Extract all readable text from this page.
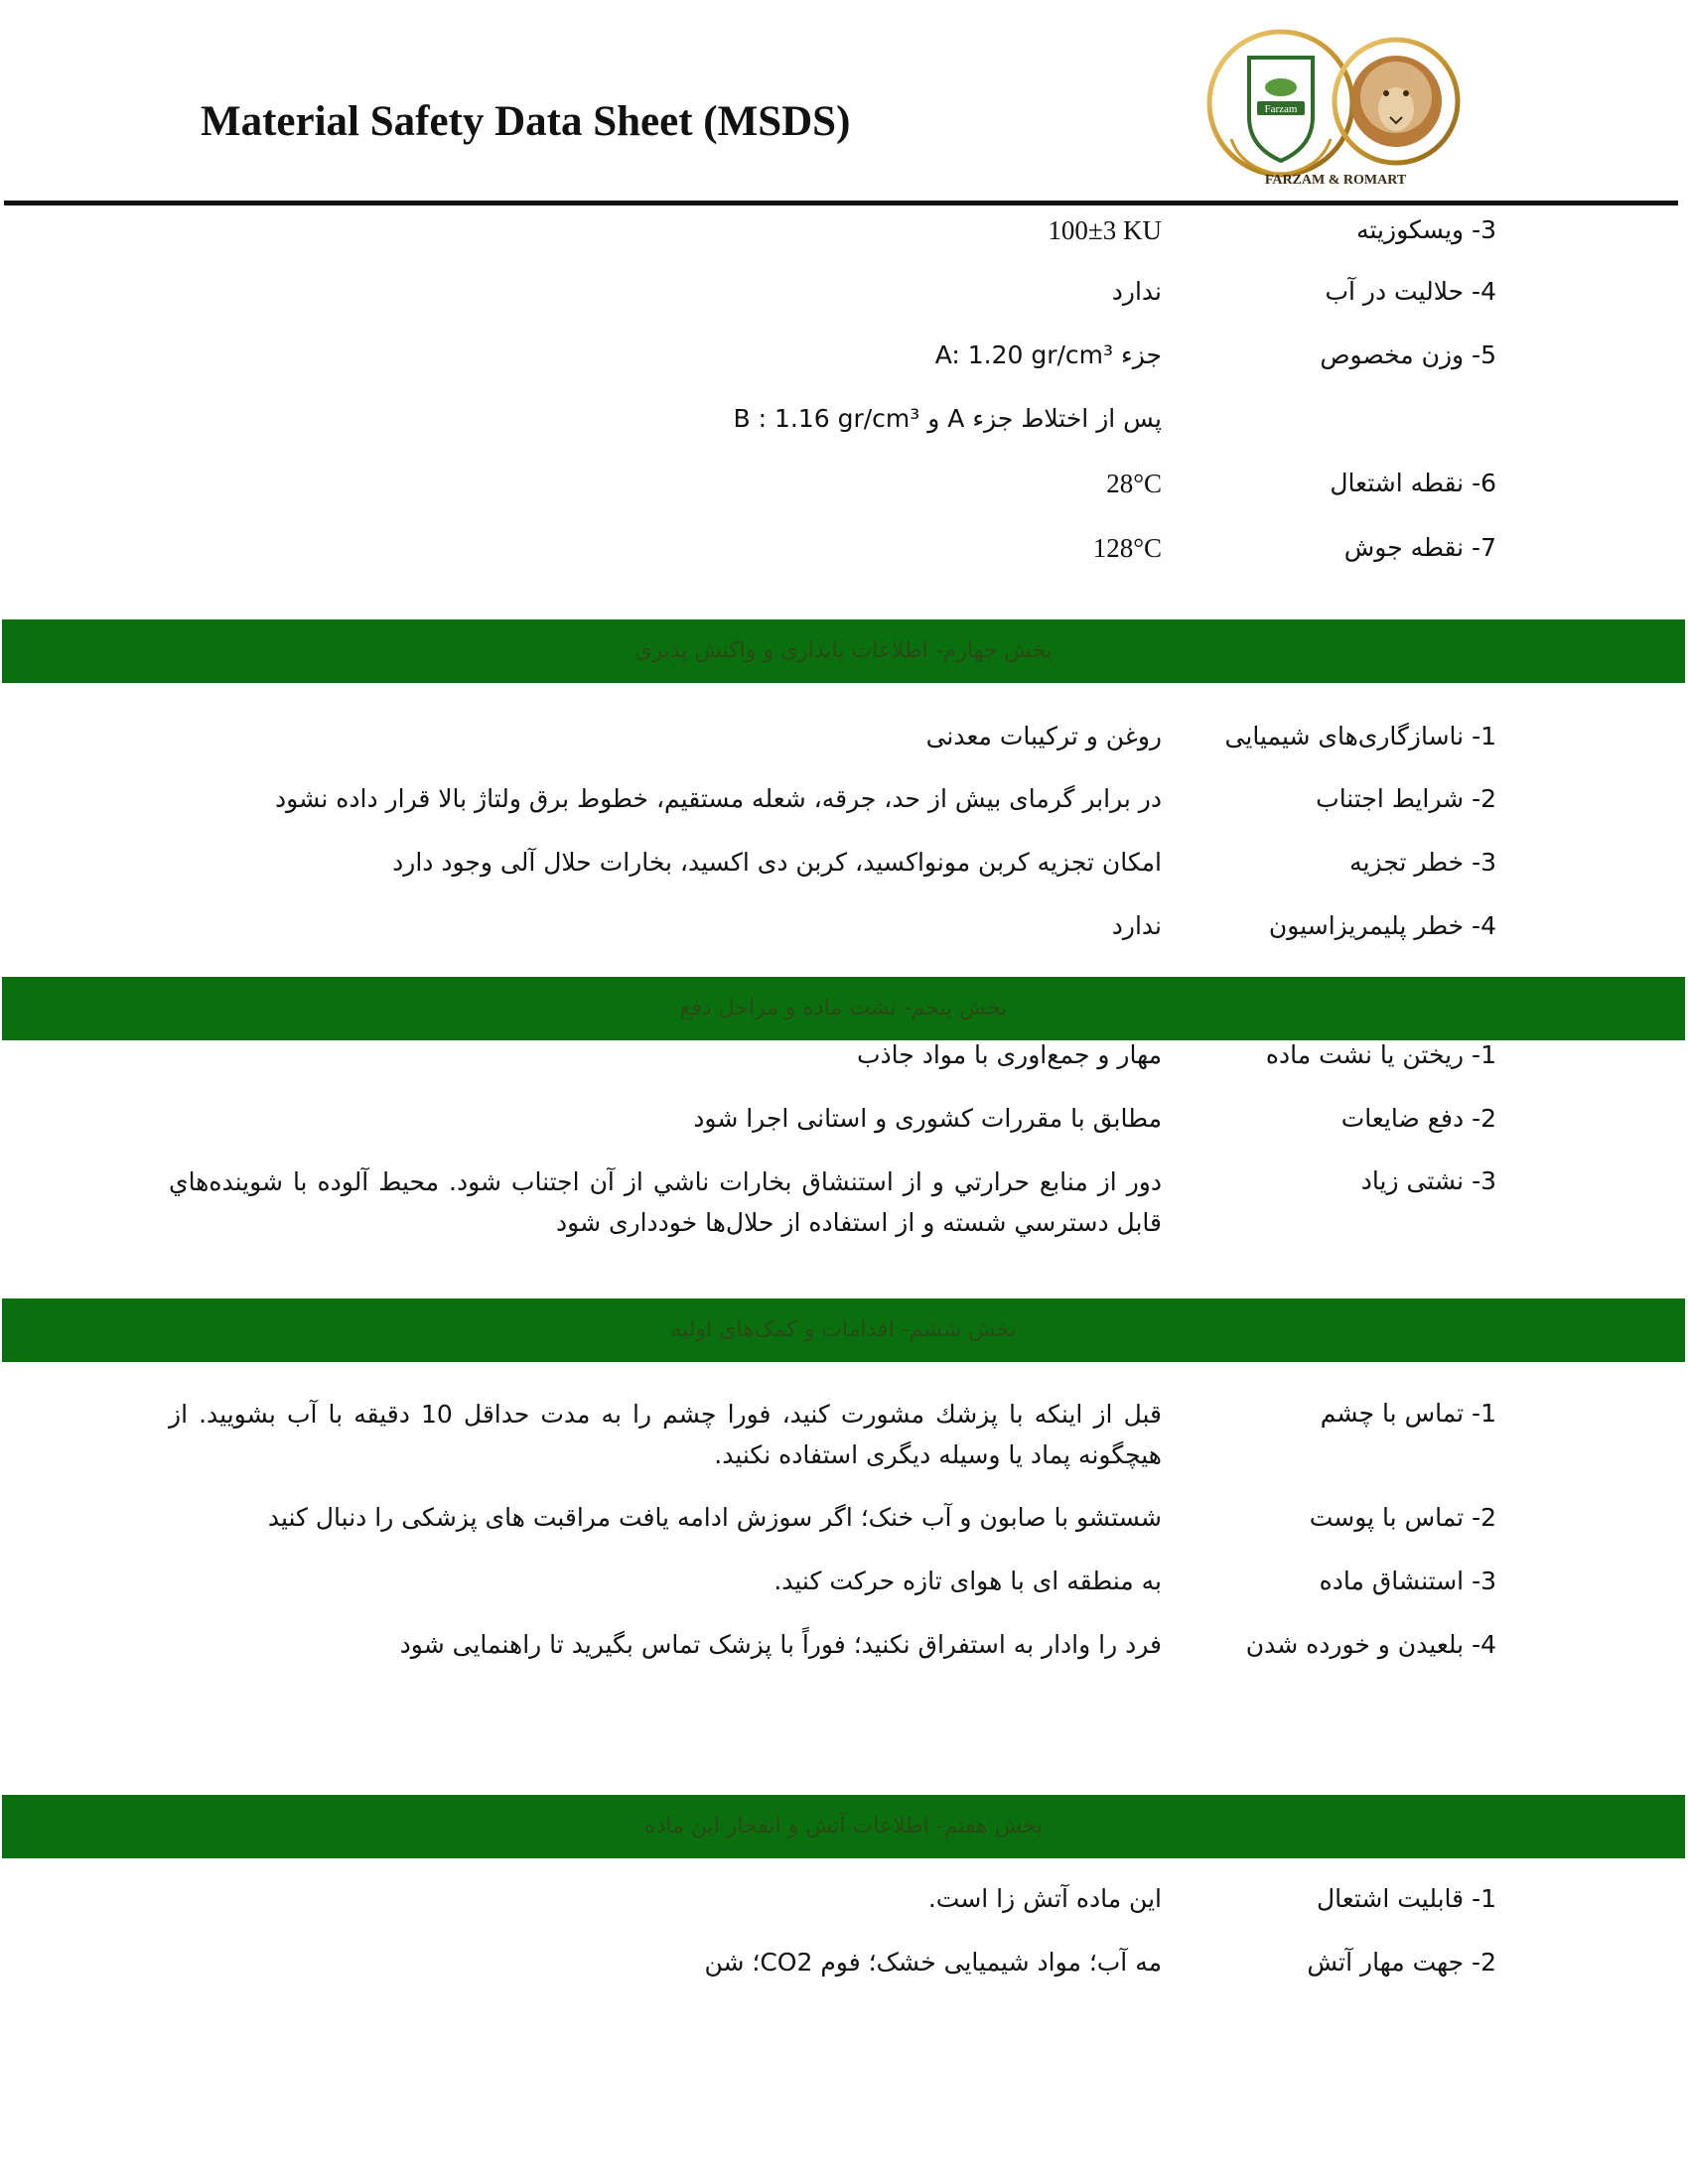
Material Safety Data Sheet (MSDS)	Farzam
FARZAM & ROMART
3- ویسکوزیته
100±3 KU
4- حلالیت در آب
ندارد
5- وزن مخصوص
جزء A: 1.20 gr/cm³
پس از اختلاط جزء A و B : 1.16 gr/cm³
6- نقطه اشتعال
28°C
7- نقطه جوش
128°C
بخش چهارم- اطلاعات پایداری و واکنش پذیری
1- ناسازگاری‌های شیمیایی
روغن و ترکیبات معدنی
2- شرایط اجتناب
در برابر گرمای بیش از حد، جرقه، شعله مستقیم، خطوط برق ولتاژ بالا قرار داده نشود
3- خطر تجزیه
امکان تجزیه کربن مونواکسید، کربن دی اکسید، بخارات حلال آلی وجود دارد
4- خطر پلیمریزاسیون
ندارد
بخش پنجم- نشت ماده و مراحل دفع
1- ریختن یا نشت ماده
مهار و جمع‌اوری با مواد جاذب
2- دفع ضایعات
مطابق با مقررات کشوری و استانی اجرا شود
3- نشتی زیاد
دور از منابع حرارتي و از استنشاق بخارات ناشي از آن اجتناب شود. محيط آلوده با شوینده‌هاي قابل دسترسي شسته و از استفاده از حلال‌ها خودداری شود
بخش ششم- اقدامات و کمک‌های اولیه
1- تماس با چشم
قبل از اینکه با پزشك مشورت كنيد، فورا چشم را به مدت حداقل 10 دقيقه با آب بشوييد. از هیچگونه پماد یا وسیله دیگری استفاده نکنید.
2- تماس با پوست
شستشو با صابون و آب خنک؛ اگر سوزش ادامه یافت مراقبت های پزشکی را دنبال کنید
3- استنشاق ماده
به منطقه ای با هوای تازه حرکت کنید.
4- بلعیدن و خورده شدن
فرد را وادار به استفراق نکنید؛ فوراً با پزشک تماس بگیرید تا راهنمایی شود
بخش هفتم- اطلاعات آتش و انفجار این ماده
1- قابلیت اشتعال
این ماده آتش زا است.
2- جهت مهار آتش
مه آب؛ مواد شیمیایی خشک؛ فوم CO2؛ شن
